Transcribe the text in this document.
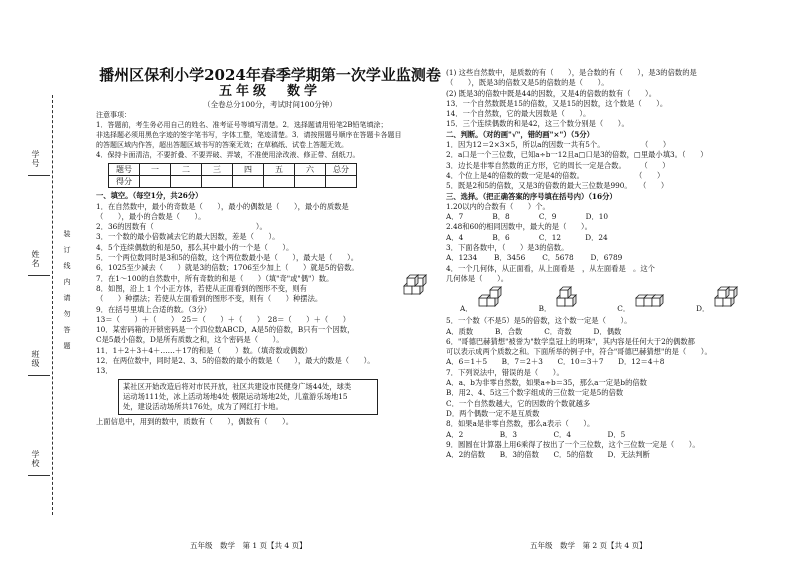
学号
姓名
班级
学校
装　订　线　内　请　勿　答　题
播州区保利小学2024年春季学期第一次学业监测卷
五年级　数学
（全卷总分100分，考试时间100分钟）
注意事项：
1．答题前，考生务必用自己的姓名、准考证号等填写清楚。2．选择题请用铅笔2B铅笔填涂；
非选择题必须用黑色字迹的签字笔书写，字体工整，笔迹清楚。3．请按照题号顺序在答题卡各题目
的答题区域内作答，超出答题区域书写的答案无效；在草稿纸、试卷上答题无效。
4．保持卡面清洁，不要折叠、不要弄破、弄皱，不准使用涂改液、修正带、刮纸刀。
题号	一	二	三	四	五	六	总分
得分							
一、填空。（每空1分，共26分）
1．在自然数中，最小的奇数是（　　），最小的偶数是（　　），最小的质数是
（　　），最小的合数是（　　）。
2．36的因数有（　　　　　　　　　　　　　　）。
3．一个数的最小倍数减去它的最大因数，差是（　　）。
4．5个连续偶数的和是50，那么其中最小的一个是（　　）。
5．一个两位数同时是3和5的倍数，这个两位数最小是（　　），最大是（　　）。
6．1025至少减去（　　）就是3的倍数；1706至少加上（　　）就是5的倍数。
7．在1～100的自然数中，所有奇数的和是（　　）（填"奇"或"偶"）数。
8．如图，沿上 1 个小正方体，若使从正面看到的图形不变，则有
（　　）种摆法；若使从左面看到的图形不变，则有（　　）种摆法。
9．在括号里填上合适的数。（3分）
13＝（　　）＋（　　）　25＝（　　）＋（　　）　28＝（　　）＋（　　）
10．某密码箱的开锁密码是一个四位数ABCD，A是5的倍数，B只有一个因数，
C是5最小倍数，D是所有质数之和，这个密码是（　　）。
11．1＋2＋3＋4＋……＋17的和是（　　）数。（填奇数或偶数）
12．在两位数中，同时是2、3、5的倍数的最小的数是（　　），最大的数是（　　）。
13．
某社区开始改造后将对市民开放，社区共建设市民健身广场44处，球类
运动场111处，冰上活动场地4处 极限运动场地2处，儿童游乐场地15
处，建设活动场所共176处，成为了网红打卡地。
上面信息中，用到的数中，质数有（　　），偶数有（　　）。
(1) 这些自然数中，是质数的有（　　），是合数的有（　　），是3的倍数的是
（　　），既是3的倍数又是5的倍数的是（　　）。
(2) 既是3的倍数中既是44的因数，又是4的倍数的数有（　　）。
13．一个自然数既是15的倍数，又是15的因数，这个数是（　　）。
14．一个自然数，它的最大因数是（　　）。
15．三个连续偶数的和是42，这三个数分别是（　　）。
二、判断。（对的画"√"，错的画"×"）（5分）
1．因为12＝2×3×5，所以a的因数一共有5个。　　　　　　（　　）
2．a口是一个三位数，已知a÷b一12且a□口是3的倍数，□里最小填3。（　　）
3．边长是非零自然数的正方形，它的周长一定是合数。　　　（　　）
4．个位上是4的倍数的数一定是4的倍数。　　　　　　　　（　　）
5．既是2和5的倍数，又是3的倍数的最大三位数是990。　　（　　）
三、选择。（把正确答案的序号填在括号内）（16分）
1.20以内的合数有（　　）个。
A．7　　　　B．8　　　　C．9　　　　D．10
2.48和60的相同因数中，最大的是（　　）。
A．4　　　　B．6　　　　C．12　　　 D．24
3．下面各数中，（　　）是3的倍数。
A．1234　　 B．3456　　 C．5678　　 D．6789
4．一个几何体，从正面看，从上面看是　，从左面看是　。这个
几何体是（　　）。
A．	B．	C．	D．
5．一个数（不是5）是5的倍数，这个数一定是（　　）。
A．质数　　　B．合数　　　C．奇数　　　D．偶数
6．"哥德巴赫猜想"被誉为"数学皇冠上的明珠"，其内容是任何大于2的偶数都
可以表示成两个质数之和。下面所举的例子中，符合"哥德巴赫猜想"的是（　　）。
A．6＝1＋5　　B．7＝2＋3　　C．10＝3＋7　　D．12＝4＋8
7．下列说法中，错误的是（　　）。
A．a、b为非零自然数，如果a÷b＝35，那么a一定是b的倍数
B．用2、4、5这三个数字组成的三位数一定是5的倍数
C．一个自然数越大，它的因数的个数就越多
D．两个偶数一定不是互质数
8．如果a是非零自然数，那么a表示（　　）。
A．2　　　　　B．3　　　　　C．4　　　　　D．5
9．圆圆在计算器上用6乘得了按出了一个三位数，这个三位数一定是（　　）。
A．2的倍数　　B．3的倍数　　C．5的倍数　　D．无法判断
五年级　数学　第 1 页【共 4 页】	五年级　数学　第 2 页【共 4 页】
